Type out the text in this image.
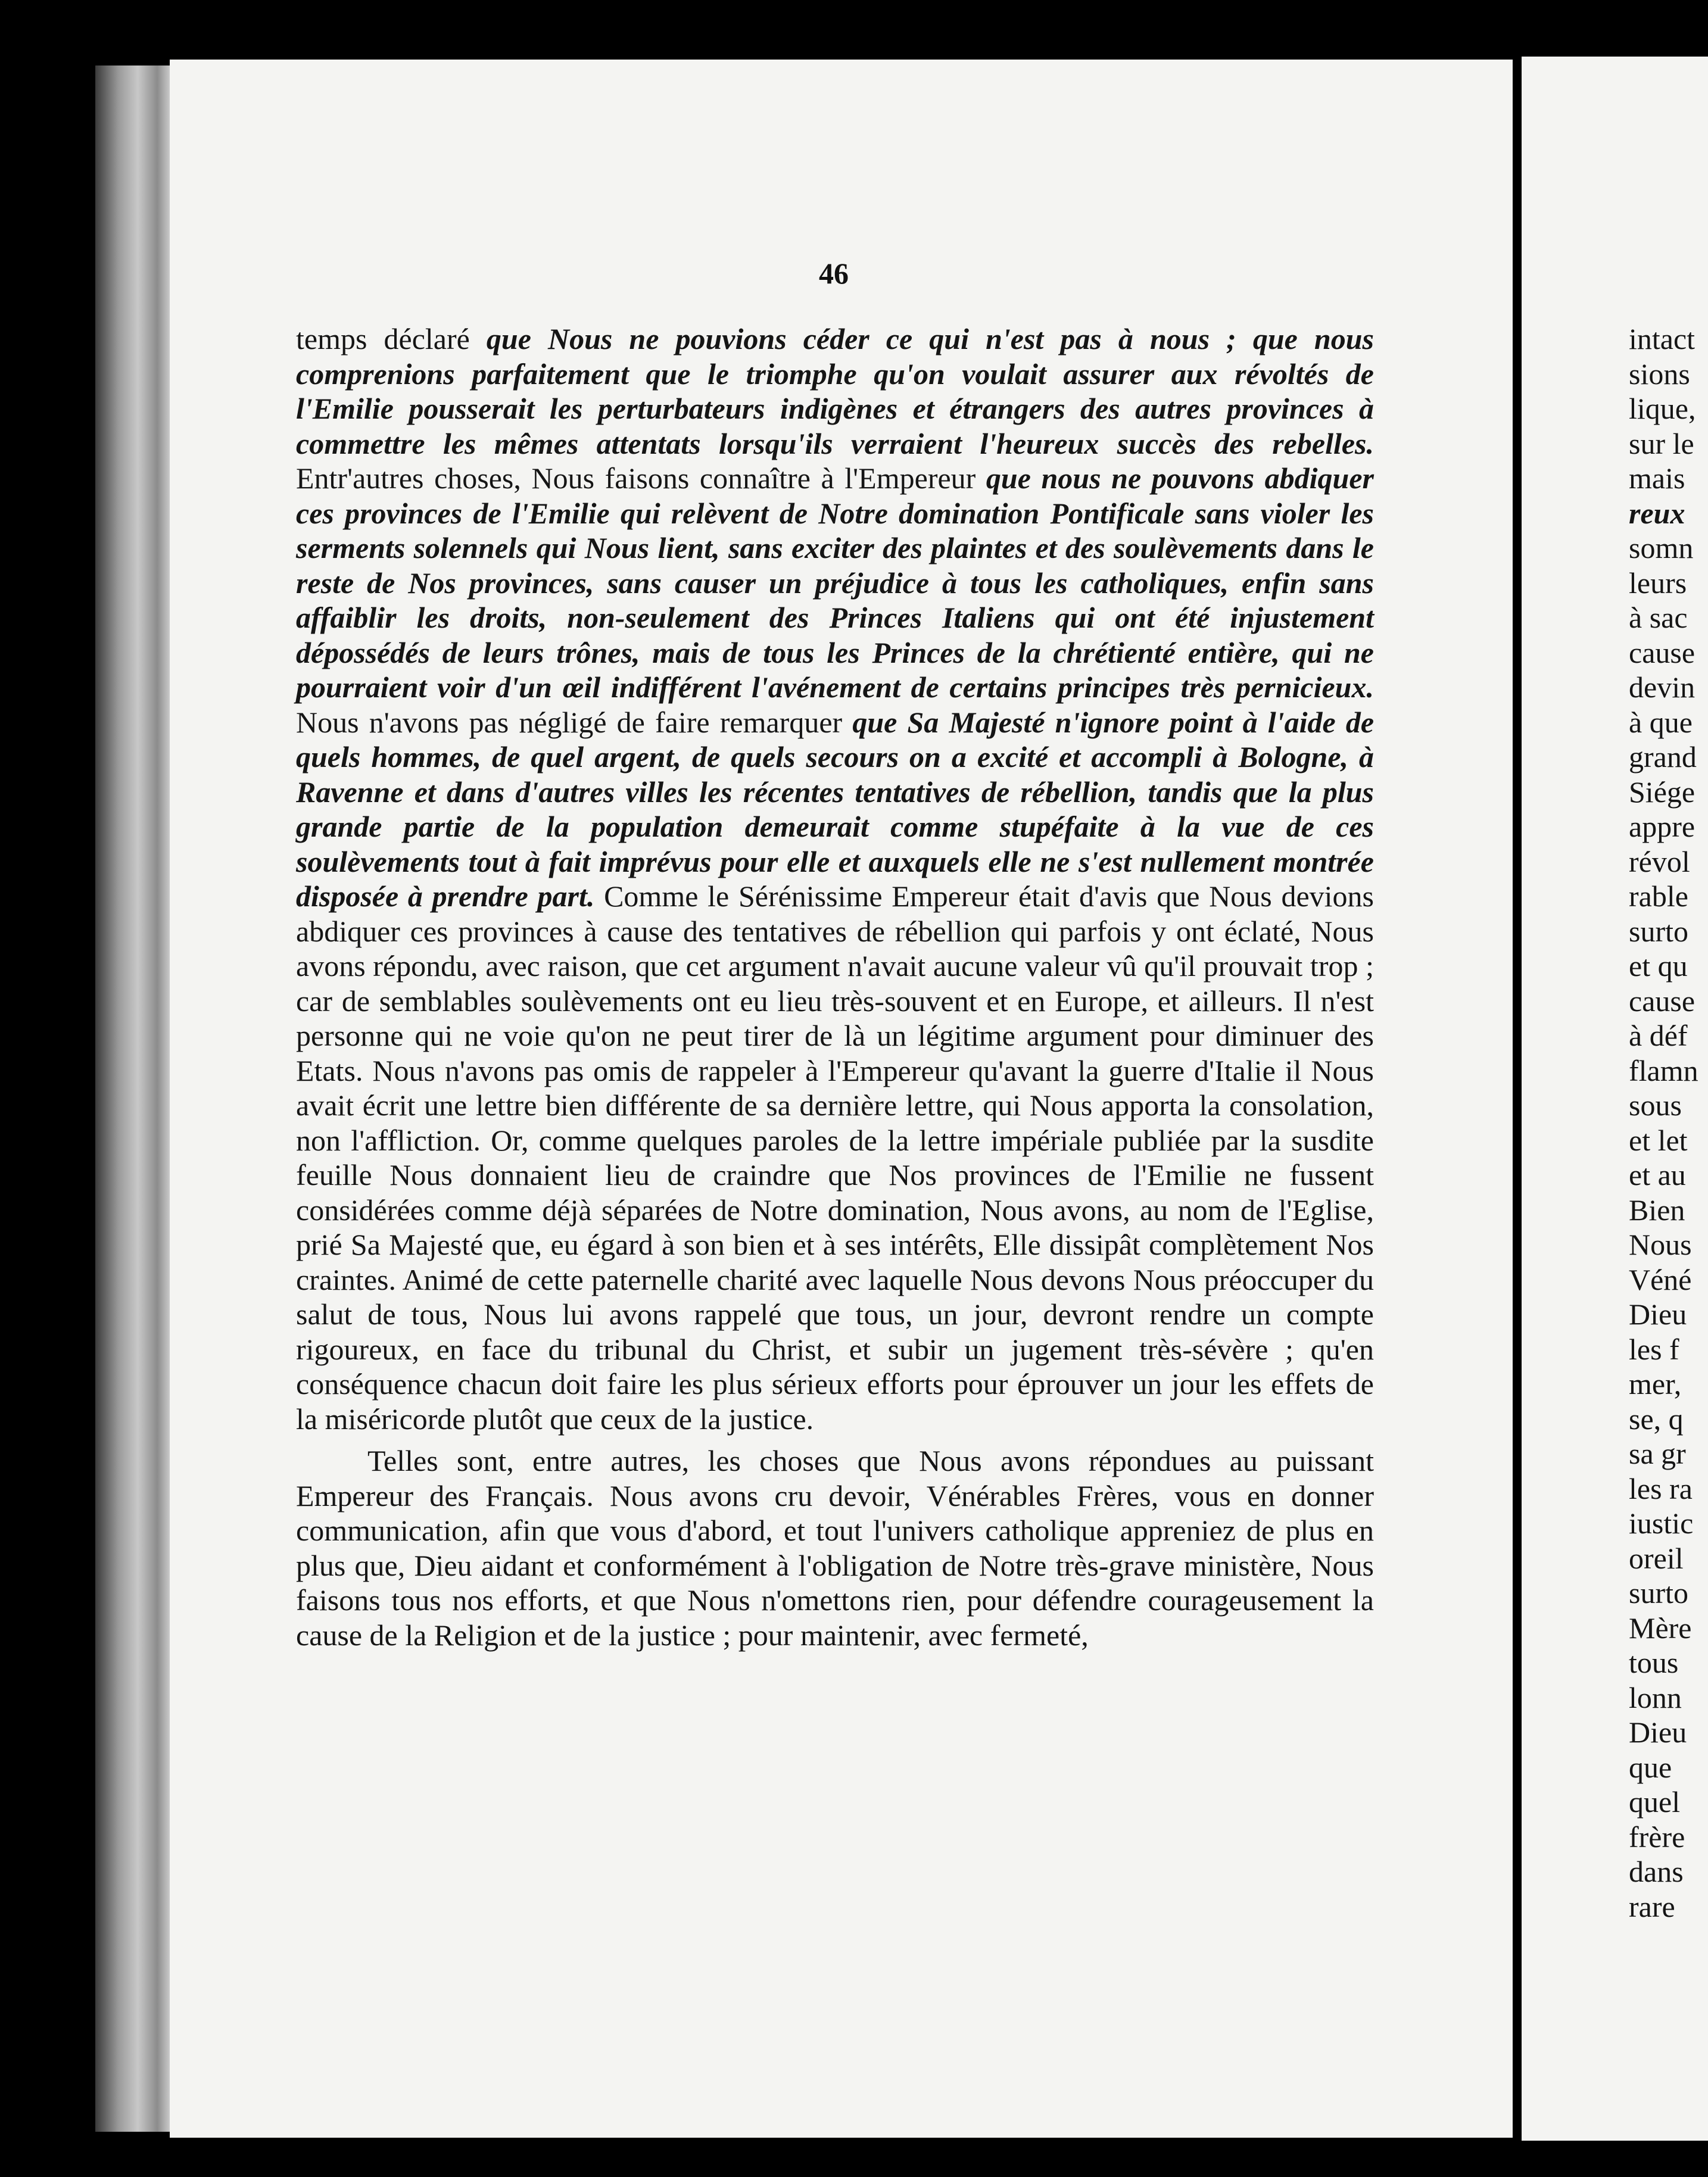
46

temps déclaré que Nous ne pouvions céder ce qui n'est pas à nous ; que nous comprenions parfaitement que le triomphe qu'on voulait assurer aux révoltés de l'Emilie pousserait les perturbateurs indigènes et étrangers des autres provinces à commettre les mêmes attentats lorsqu'ils verraient l'heureux succès des rebelles. Entr'autres choses, Nous faisons connaître à l'Empereur que nous ne pouvons abdiquer ces provinces de l'Emilie qui relèvent de Notre domination Pontificale sans violer les serments solennels qui Nous lient, sans exciter des plaintes et des soulèvements dans le reste de Nos provinces, sans causer un préjudice à tous les catholiques, enfin sans affaiblir les droits, non-seulement des Princes Italiens qui ont été injustement dépossédés de leurs trônes, mais de tous les Princes de la chrétienté entière, qui ne pourraient voir d'un œil indifférent l'avénement de certains principes très pernicieux. Nous n'avons pas négligé de faire remarquer que Sa Majesté n'ignore point à l'aide de quels hommes, de quel argent, de quels secours on a excité et accompli à Bologne, à Ravenne et dans d'autres villes les récentes tentatives de rébellion, tandis que la plus grande partie de la population demeurait comme stupéfaite à la vue de ces soulèvements tout à fait imprévus pour elle et auxquels elle ne s'est nullement montrée disposée à prendre part. Comme le Sérénissime Empereur était d'avis que Nous devions abdiquer ces provinces à cause des tentatives de rébellion qui parfois y ont éclaté, Nous avons répondu, avec raison, que cet argument n'avait aucune valeur vû qu'il prouvait trop ; car de semblables soulèvements ont eu lieu très-souvent et en Europe, et ailleurs. Il n'est personne qui ne voie qu'on ne peut tirer de là un légitime argument pour diminuer des Etats. Nous n'avons pas omis de rappeler à l'Empereur qu'avant la guerre d'Italie il Nous avait écrit une lettre bien différente de sa dernière lettre, qui Nous apporta la consolation, non l'affliction. Or, comme quelques paroles de la lettre impériale publiée par la susdite feuille Nous donnaient lieu de craindre que Nos provinces de l'Emilie ne fussent considérées comme déjà séparées de Notre domination, Nous avons, au nom de l'Eglise, prié Sa Majesté que, eu égard à son bien et à ses intérêts, Elle dissipât complètement Nos craintes. Animé de cette paternelle charité avec laquelle Nous devons Nous préoccuper du salut de tous, Nous lui avons rappelé que tous, un jour, devront rendre un compte rigoureux, en face du tribunal du Christ, et subir un jugement très-sévère ; qu'en conséquence chacun doit faire les plus sérieux efforts pour éprouver un jour les effets de la miséricorde plutôt que ceux de la justice.

Telles sont, entre autres, les choses que Nous avons répondues au puissant Empereur des Français. Nous avons cru devoir, Vénérables Frères, vous en donner communication, afin que vous d'abord, et tout l'univers catholique appreniez de plus en plus que, Dieu aidant et conformément à l'obligation de Notre très-grave ministère, Nous faisons tous nos efforts, et que Nous n'omettons rien, pour défendre courageusement la cause de la Religion et de la justice ; pour maintenir, avec fermeté,

intact
sions
lique,
sur le
mais
reux
somn
leurs
à sac
cause
devin
à que
grand
Siége
appre
révol
rable
surto
et qu
cause
à déf
flamn
sous
et let
et au
Bien
Nous
Véné
Dieu
les f
mer,
se, q
sa gr
les ra
iustic
oreil
surto
Mère
tous
lonn
Dieu
que
quel
frère
dans
rare
